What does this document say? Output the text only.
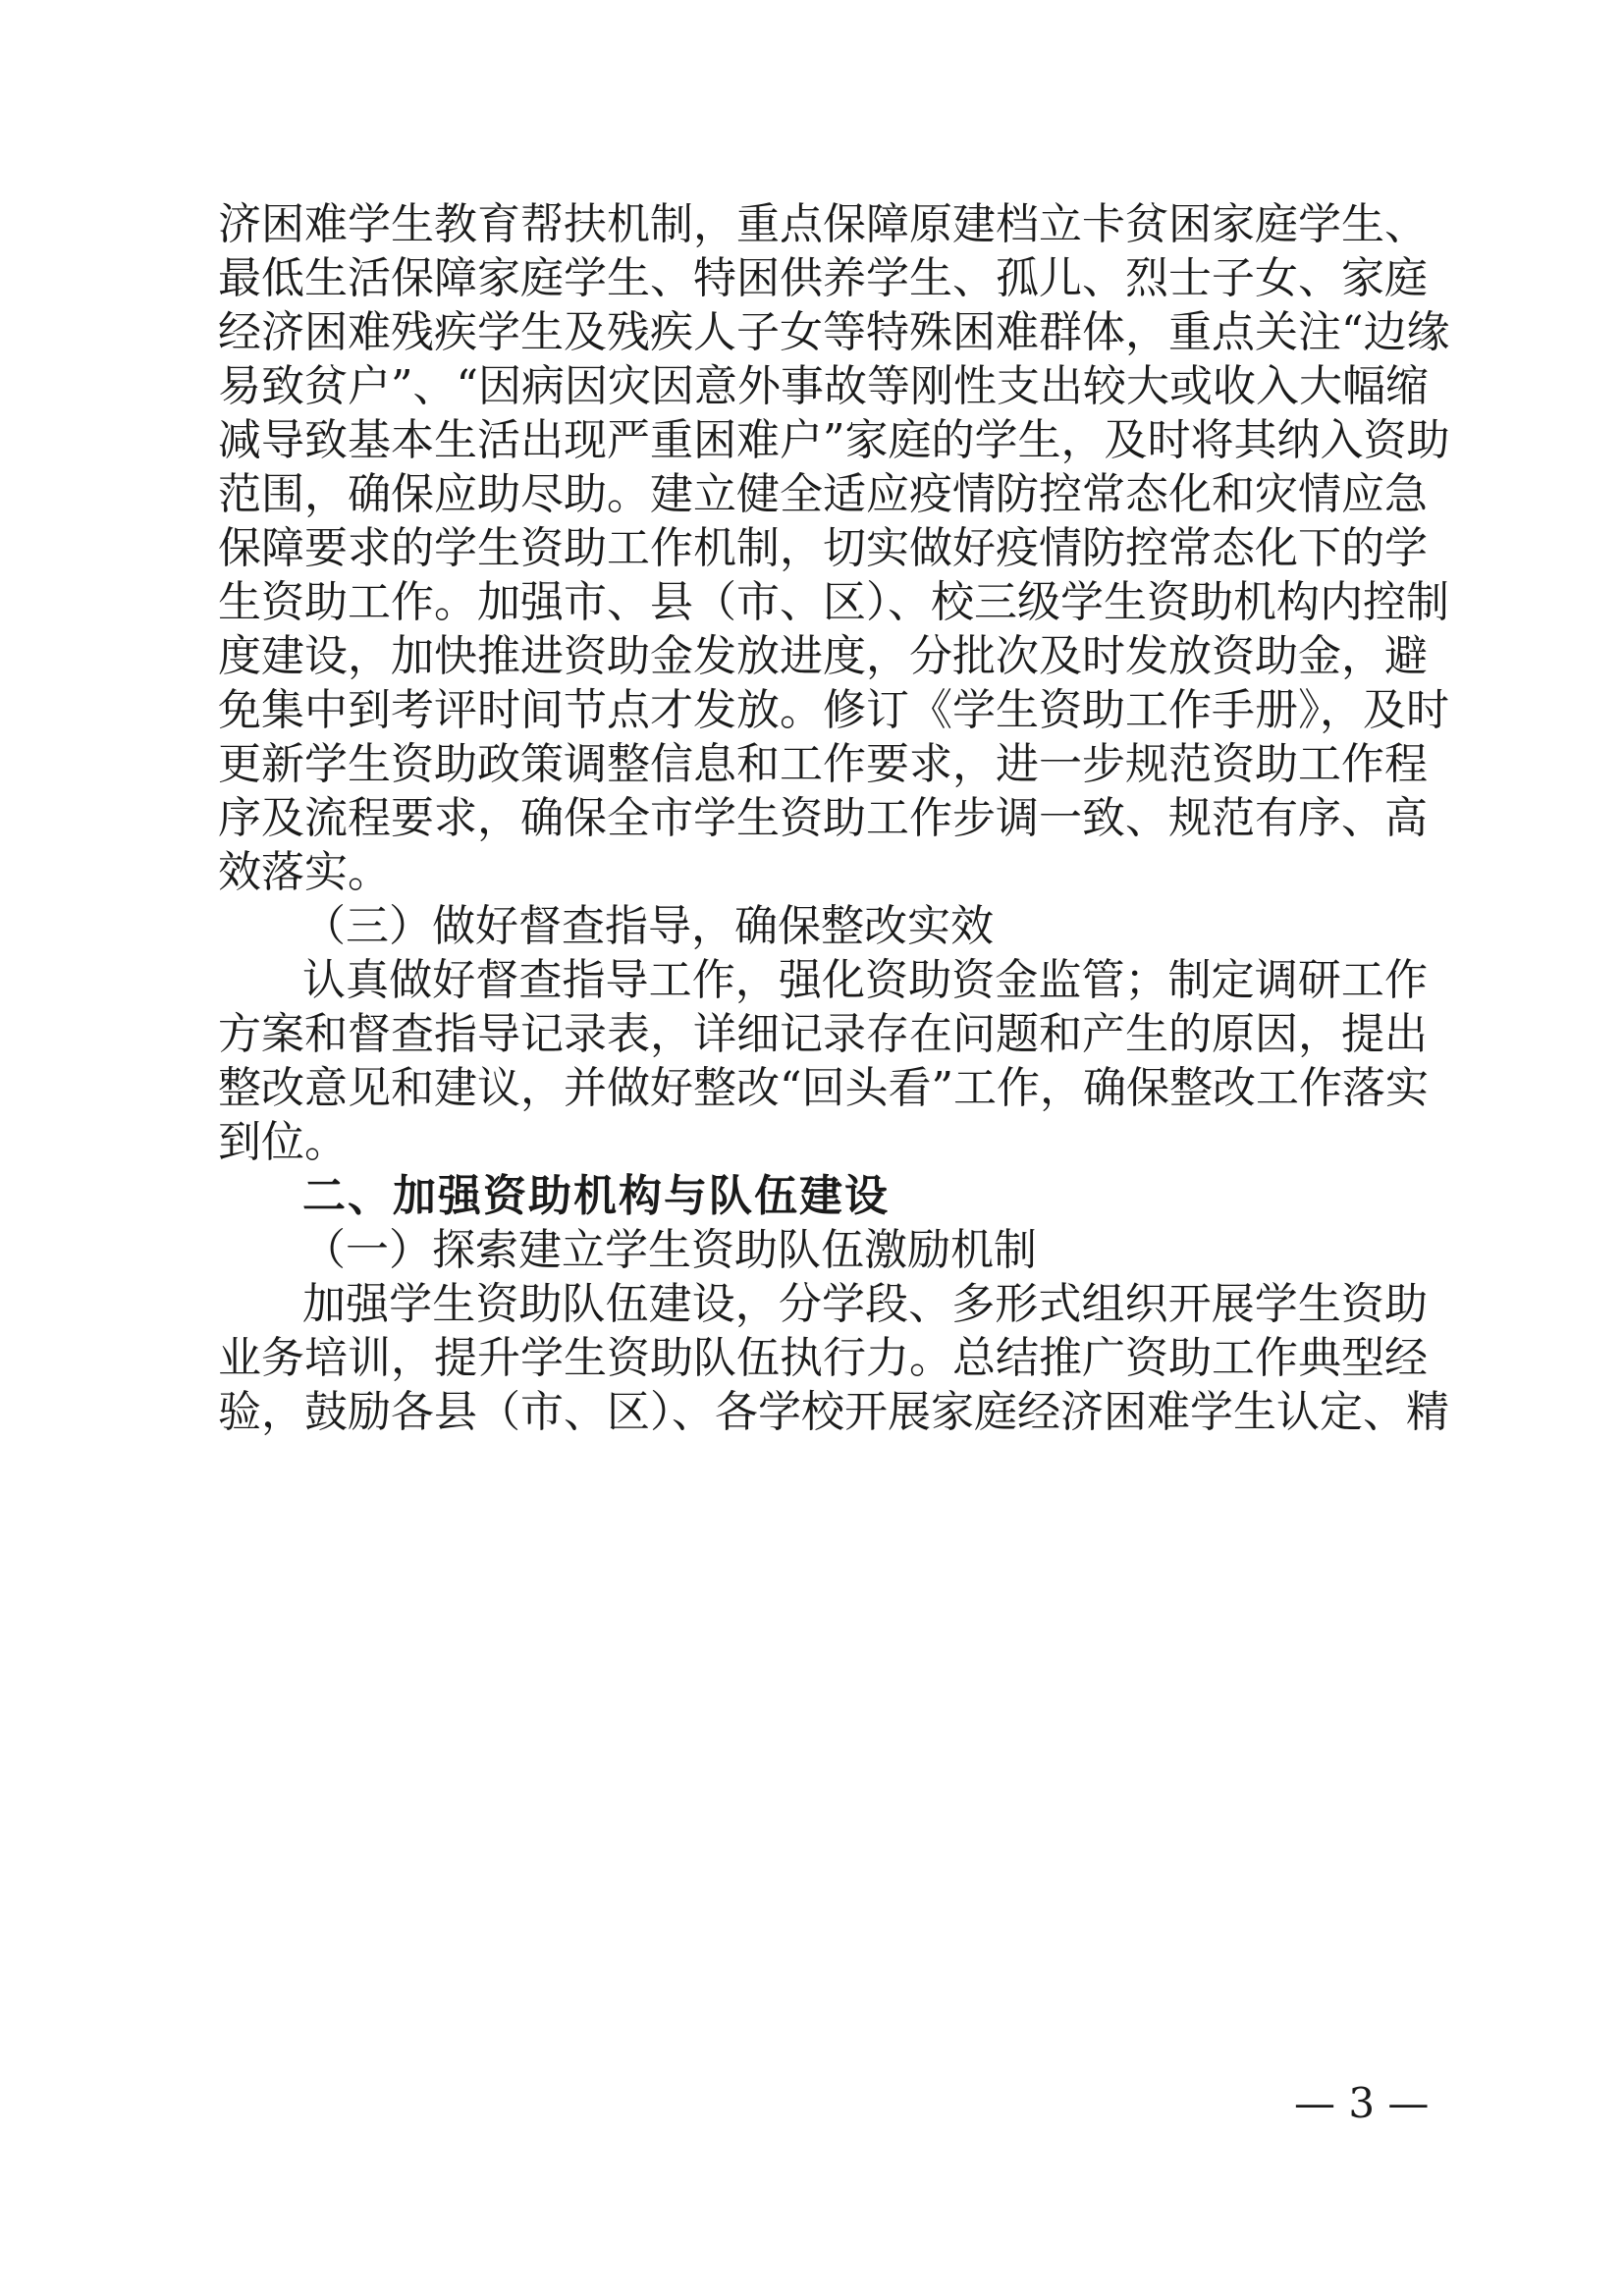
济困难学生教育帮扶机制，重点保障原建档立卡贫困家庭学生、
最低生活保障家庭学生、特困供养学生、孤儿、烈士子女、家庭
经济困难残疾学生及残疾人子女等特殊困难群体，重点关注“边缘
易致贫户”、“因病因灾因意外事故等刚性支出较大或收入大幅缩
减导致基本生活出现严重困难户”家庭的学生，及时将其纳入资助
范围，确保应助尽助。建立健全适应疫情防控常态化和灾情应急
保障要求的学生资助工作机制，切实做好疫情防控常态化下的学
生资助工作。加强市、县（市、区）、校三级学生资助机构内控制
度建设，加快推进资助金发放进度，分批次及时发放资助金，避
免集中到考评时间节点才发放。修订《学生资助工作手册》，及时
更新学生资助政策调整信息和工作要求，进一步规范资助工作程
序及流程要求，确保全市学生资助工作步调一致、规范有序、高
效落实。
（三）做好督查指导，确保整改实效
认真做好督查指导工作，强化资助资金监管；制定调研工作
方案和督查指导记录表，详细记录存在问题和产生的原因，提出
整改意见和建议，并做好整改“回头看”工作，确保整改工作落实
到位。
二、加强资助机构与队伍建设
（一）探索建立学生资助队伍激励机制
加强学生资助队伍建设，分学段、多形式组织开展学生资助
业务培训，提升学生资助队伍执行力。总结推广资助工作典型经
验，鼓励各县（市、区）、各学校开展家庭经济困难学生认定、精
— 3 —
